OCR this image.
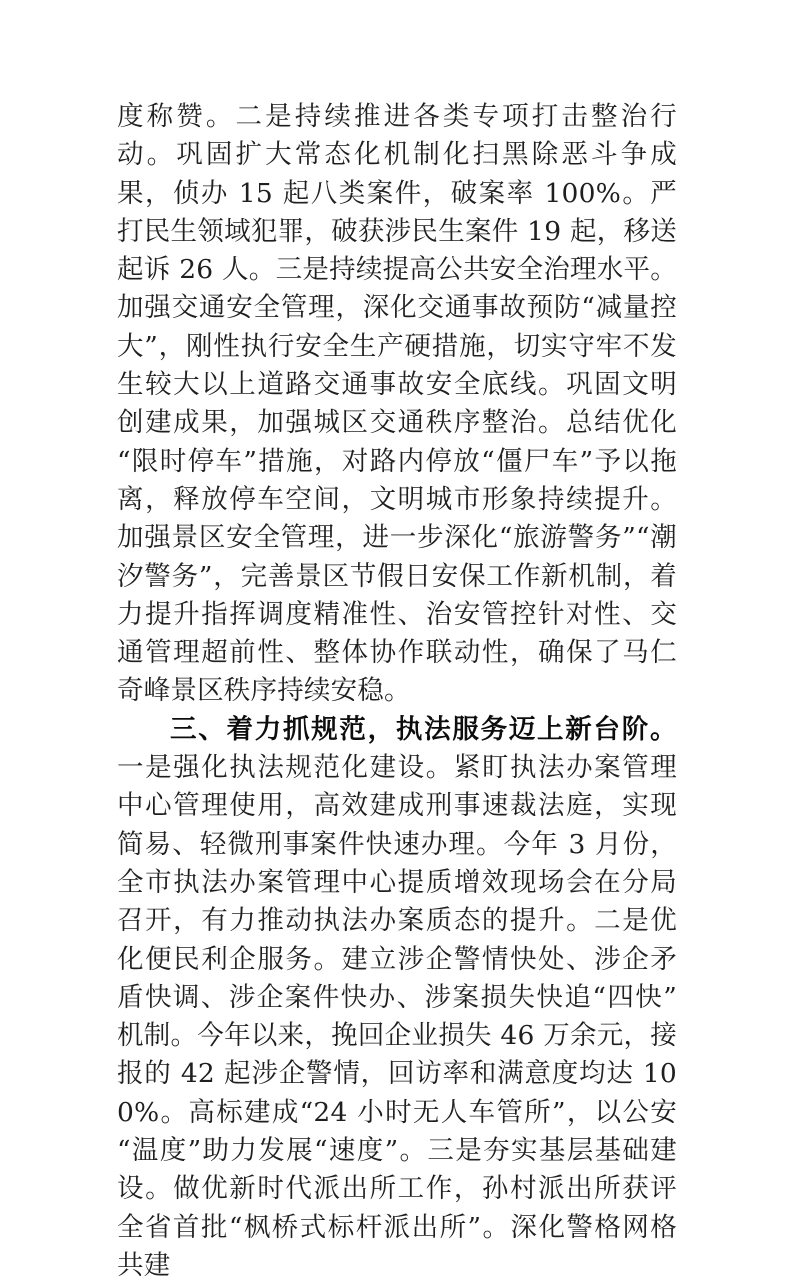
度称赞。二是持续推进各类专项打击整治行动。巩固扩大常态化机制化扫黑除恶斗争成果，侦办 15 起八类案件，破案率 100%。严打民生领域犯罪，破获涉民生案件 19 起，移送起诉 26 人。三是持续提高公共安全治理水平。加强交通安全管理，深化交通事故预防“减量控大”，刚性执行安全生产硬措施，切实守牢不发生较大以上道路交通事故安全底线。巩固文明创建成果，加强城区交通秩序整治。总结优化“限时停车”措施，对路内停放“僵尸车”予以拖离，释放停车空间，文明城市形象持续提升。加强景区安全管理，进一步深化“旅游警务”“潮汐警务”，完善景区节假日安保工作新机制，着力提升指挥调度精准性、治安管控针对性、交通管理超前性、整体协作联动性，确保了马仁奇峰景区秩序持续安稳。

三、着力抓规范，执法服务迈上新台阶。一是强化执法规范化建设。紧盯执法办案管理中心管理使用，高效建成刑事速裁法庭，实现简易、轻微刑事案件快速办理。今年 3 月份，全市执法办案管理中心提质增效现场会在分局召开，有力推动执法办案质态的提升。二是优化便民利企服务。建立涉企警情快处、涉企矛盾快调、涉企案件快办、涉案损失快追“四快”机制。今年以来，挽回企业损失 46 万余元，接报的 42 起涉企警情，回访率和满意度均达 100%。高标建成“24 小时无人车管所”，以公安“温度”助力发展“速度”。三是夯实基层基础建设。做优新时代派出所工作，孙村派出所获评全省首批“枫桥式标杆派出所”。深化警格网格共建
